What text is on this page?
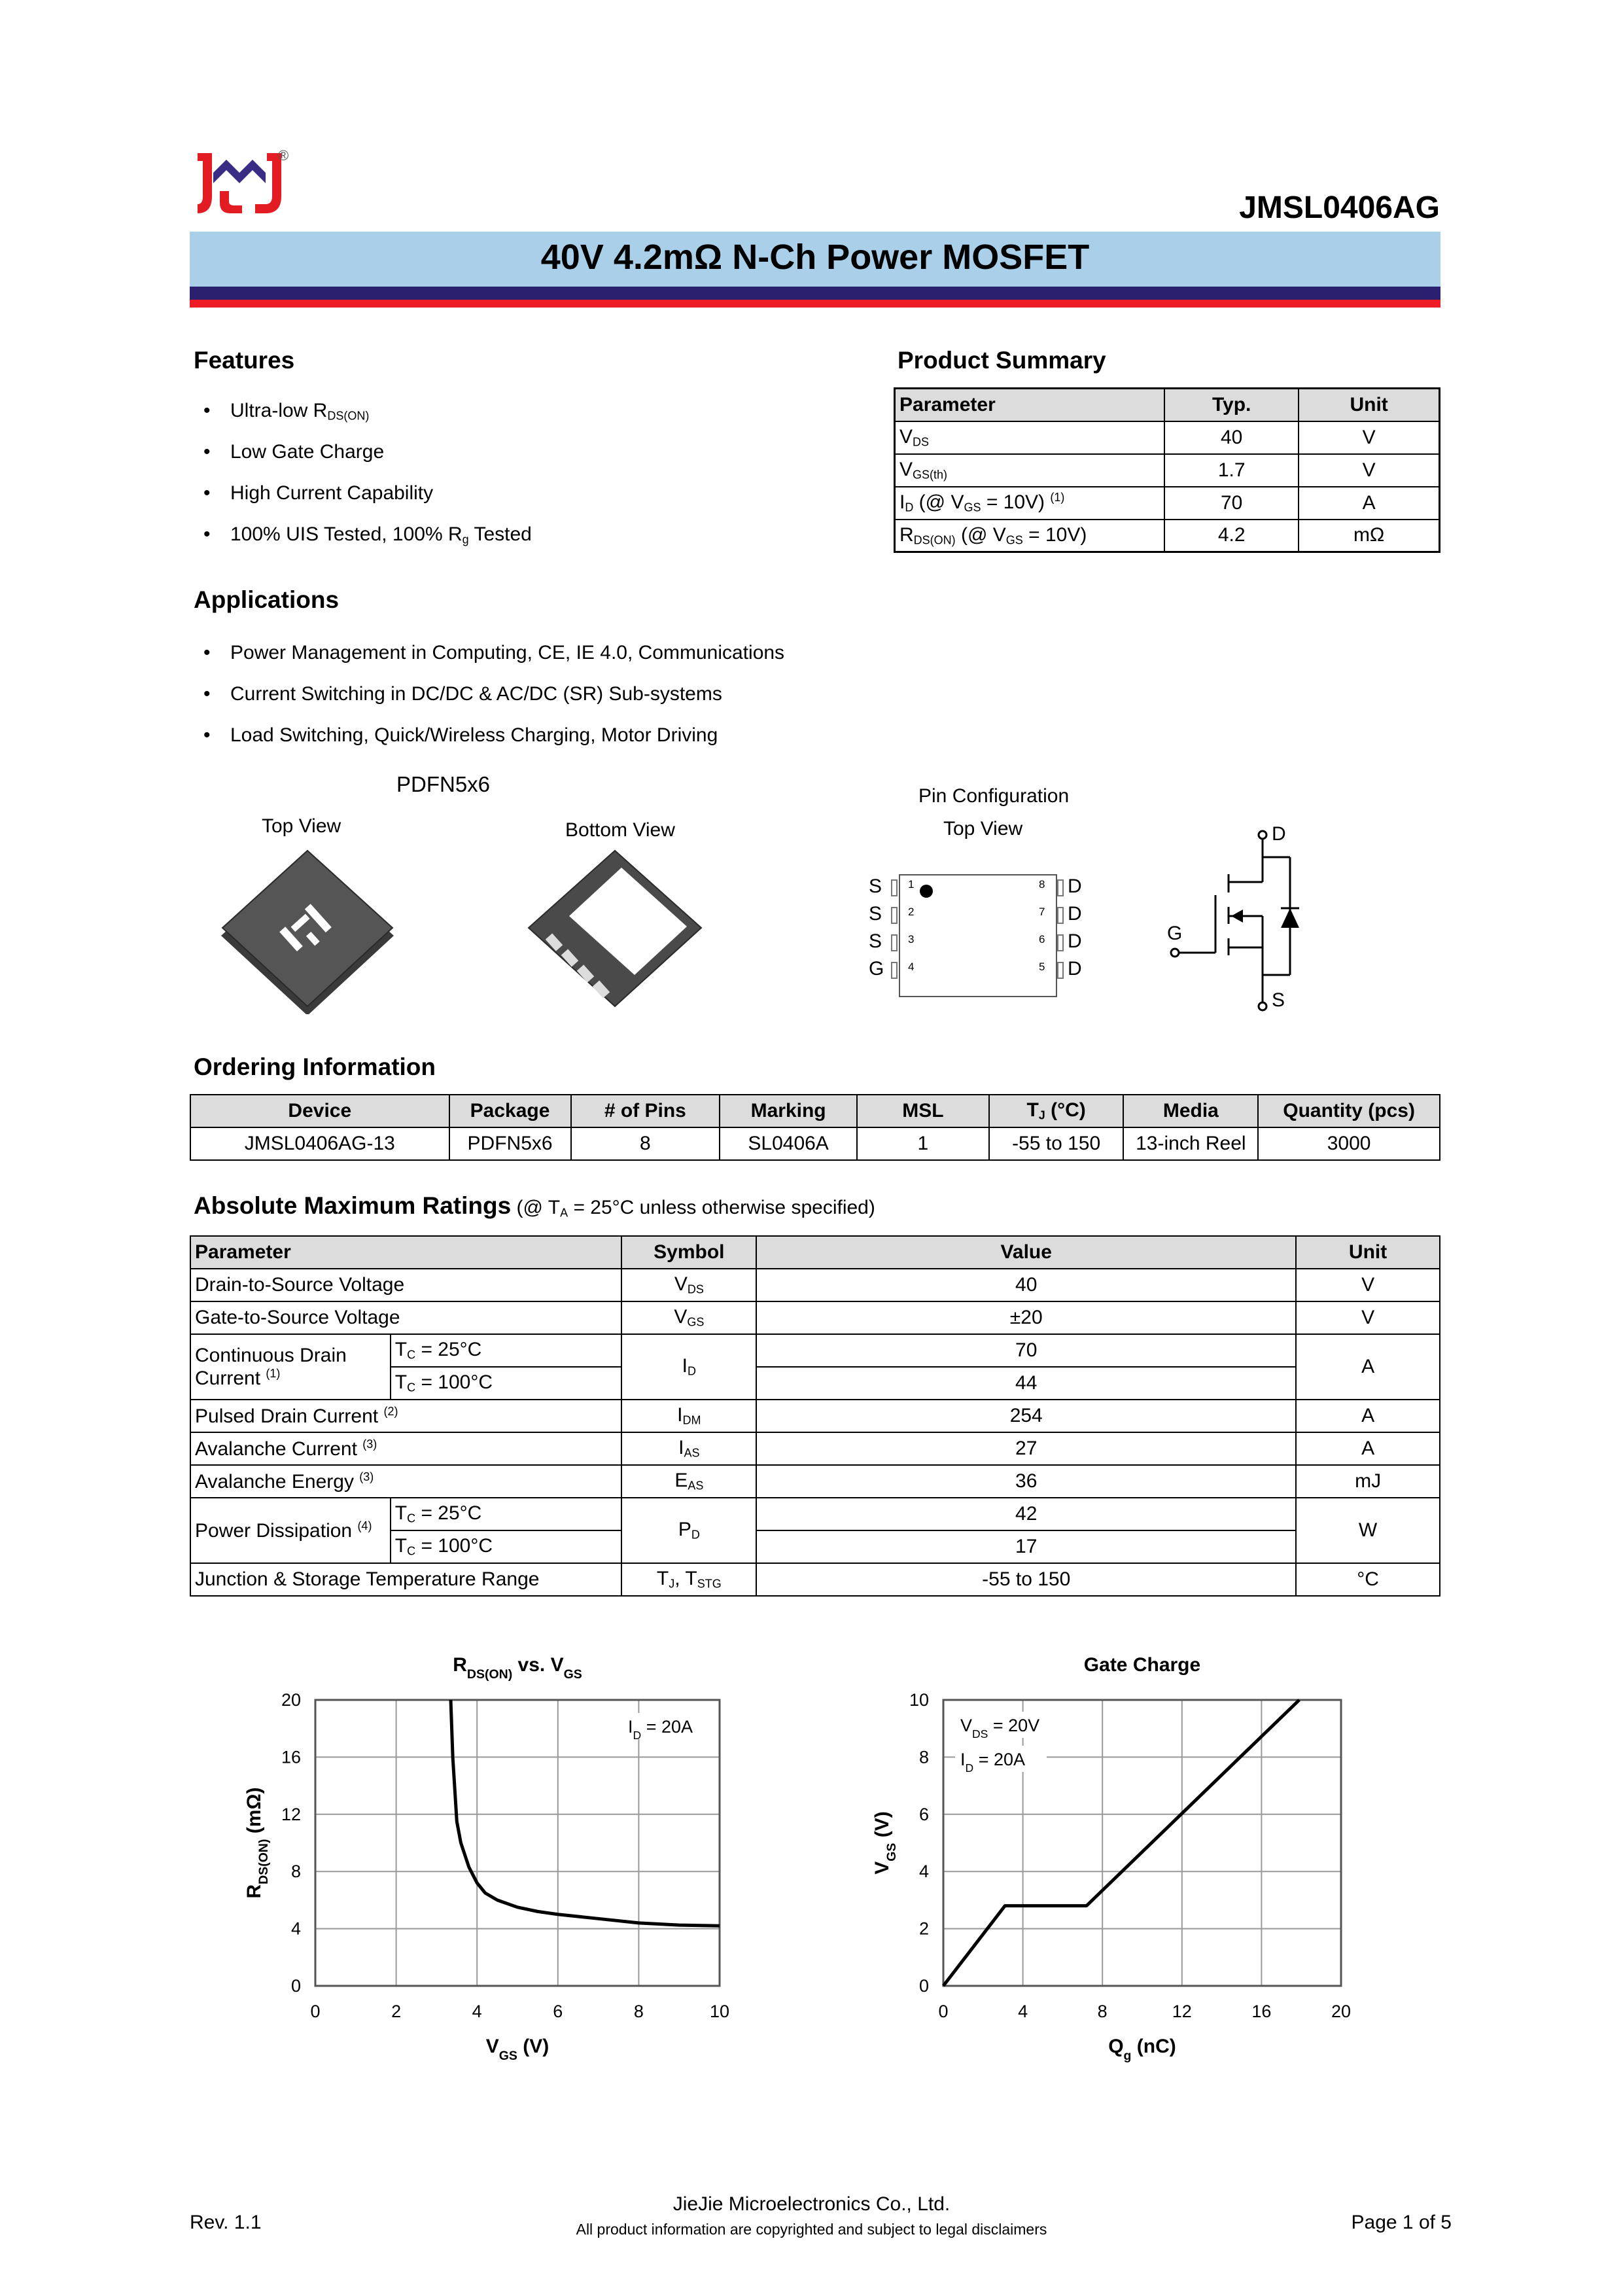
®
JMSL0406AG
40V 4.2mΩ N-Ch Power MOSFET
Features
• Ultra-low $R_{DS(ON)}$
• Low Gate Charge
• High Current Capability
• 100% UIS Tested, 100% $R_g$ Tested
Product Summary
Parameter	Typ.	Unit
$V_{DS}$	40	V
$V_{GS(th)}$	1.7	V
$I_D$ (@ $V_{GS} = 10V$) $^{(1)}$	70	A
$R_{DS(ON)}$ (@ $V_{GS} = 10V$)	4.2	mΩ
Applications
• Power Management in Computing, CE, IE 4.0, Communications
• Current Switching in DC/DC & AC/DC (SR) Sub-systems
• Load Switching, Quick/Wireless Charging, Motor Driving
PDFN5x6
Top View	Bottom View
Pin Configuration
Top View
S 1
S 2
S 3
G 4
8 D
7 D
6 D
5 D
D
G
S
Ordering Information
Device	Package	# of Pins	Marking	MSL	$T_J$ (°C)	Media	Quantity (pcs)
JMSL0406AG-13	PDFN5x6	8	SL0406A	1	-55 to 150	13-inch Reel	3000
Absolute Maximum Ratings (@ $T_A = 25^\circ C$ unless otherwise specified)
Parameter		Symbol	Value	Unit
Drain-to-Source Voltage		$V_{DS}$	40	V
Gate-to-Source Voltage		$V_{GS}$	±20	V
Continuous Drain
Current $^{(1)}$	$T_C = 25^\circ C$	$I_D$	70	A
	$T_C = 100^\circ C$		44	
Pulsed Drain Current $^{(2)}$		$I_{DM}$	254	A
Avalanche Current $^{(3)}$		$I_{AS}$	27	A
Avalanche Energy $^{(3)}$		$E_{AS}$	36	mJ
Power Dissipation $^{(4)}$	$T_C = 25^\circ C$	$P_D$	42	W
	$T_C = 100^\circ C$		17	
Junction & Storage Temperature Range		$T_J$, $T_{STG}$	-55 to 150	°C
0	2	4	6	8	10
0
4
8
12
16
20
$R_{DS(ON)}$ vs. $V_{GS}$
$V_{GS}$ (V)
$R_{DS(ON)}$ (mΩ)
$I_D = 20A$
0	4	8	12	16	20
0
2
4
6
8
10
Gate Charge
$Q_g$ (nC)
$V_{GS}$ (V)
$V_{DS} = 20V$
$I_D = 20A$
Rev. 1.1
JieJie Microelectronics Co., Ltd.
All product information are copyrighted and subject to legal disclaimers	Page 1 of 5
